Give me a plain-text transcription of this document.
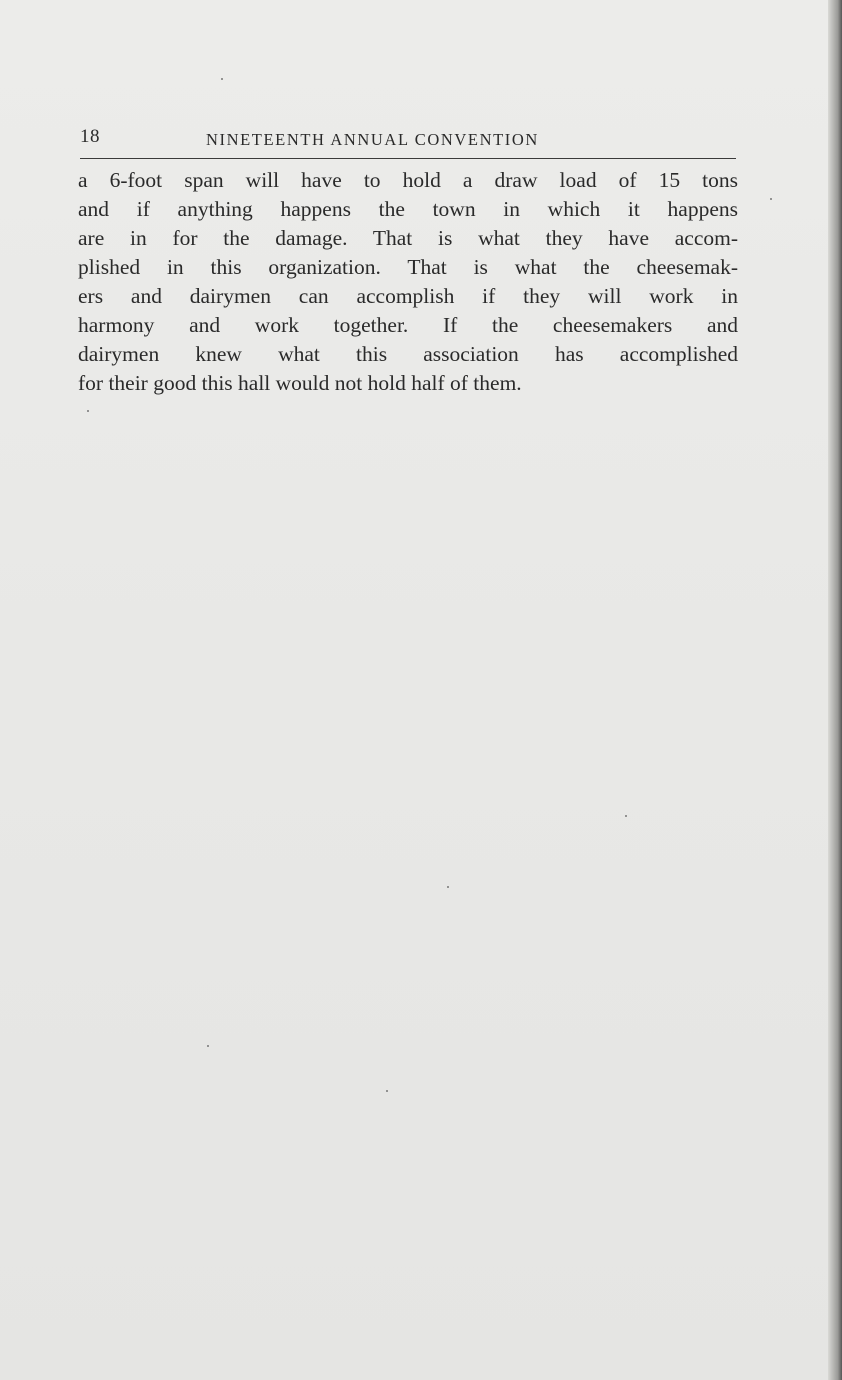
18	NINETEENTH ANNUAL CONVENTION
a 6-foot span will have to hold a draw load of 15 tons
and if anything happens the town in which it happens
are in for the damage. That is what they have accom-
plished in this organization. That is what the cheesemak-
ers and dairymen can accomplish if they will work in
harmony and work together. If the cheesemakers and
dairymen knew what this association has accomplished
for their good this hall would not hold half of them.
